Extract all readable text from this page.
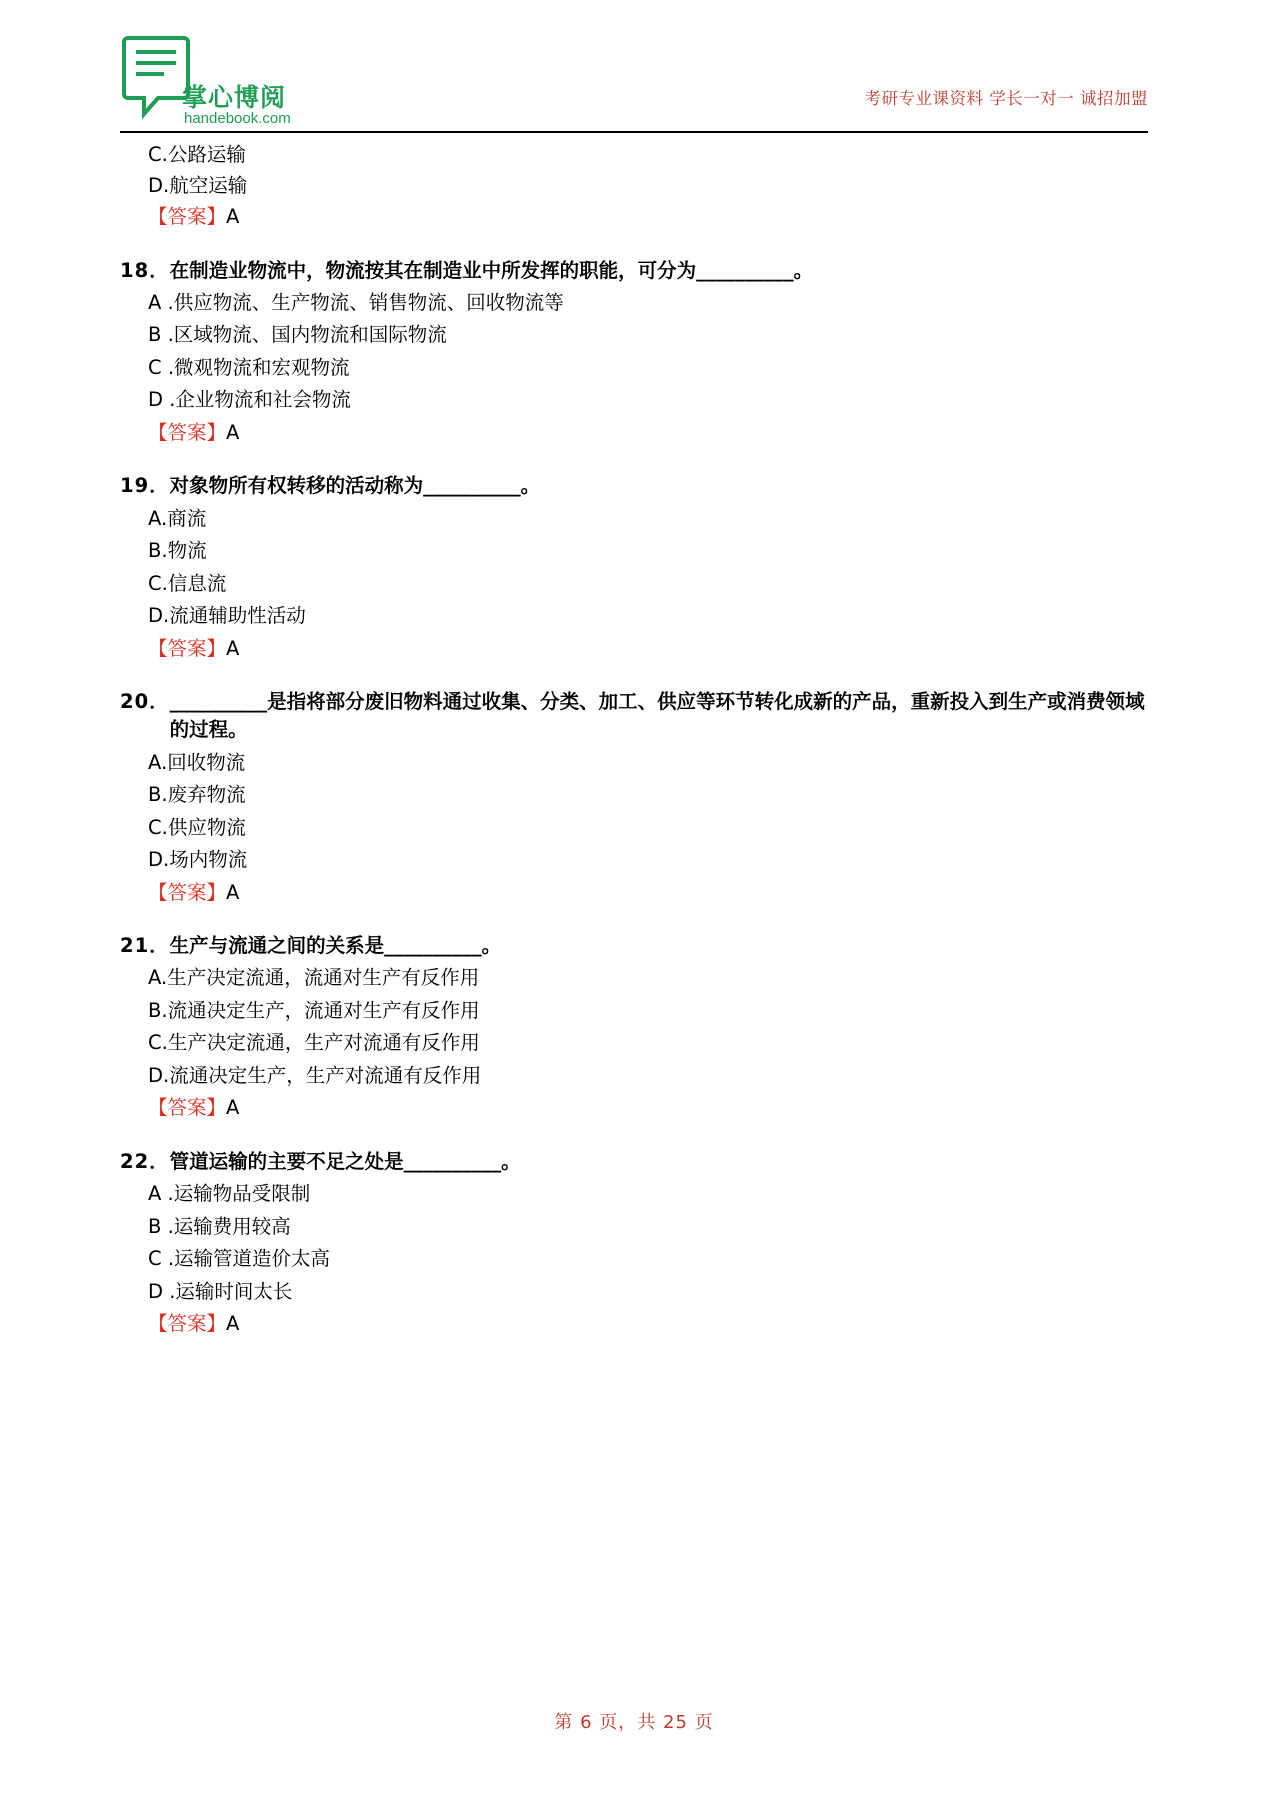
掌心博阅
handebook.com
考研专业课资料 学长一对一 诚招加盟
C.公路运输
D.航空运输
【答案】A
18． 在制造业物流中，物流按其在制造业中所发挥的职能，可分为__________。
A .供应物流、生产物流、销售物流、回收物流等
B .区域物流、国内物流和国际物流
C .微观物流和宏观物流
D .企业物流和社会物流
【答案】A
19． 对象物所有权转移的活动称为__________。
A.商流
B.物流
C.信息流
D.流通辅助性活动
【答案】A
20． __________是指将部分废旧物料通过收集、分类、加工、供应等环节转化成新的产品，重新投入到生产或消费领域的过程。
A.回收物流
B.废弃物流
C.供应物流
D.场内物流
【答案】A
21． 生产与流通之间的关系是__________。
A.生产决定流通，流通对生产有反作用
B.流通决定生产，流通对生产有反作用
C.生产决定流通，生产对流通有反作用
D.流通决定生产，生产对流通有反作用
【答案】A
22． 管道运输的主要不足之处是__________。
A .运输物品受限制
B .运输费用较高
C .运输管道造价太高
D .运输时间太长
【答案】A
第 6 页，共 25 页
